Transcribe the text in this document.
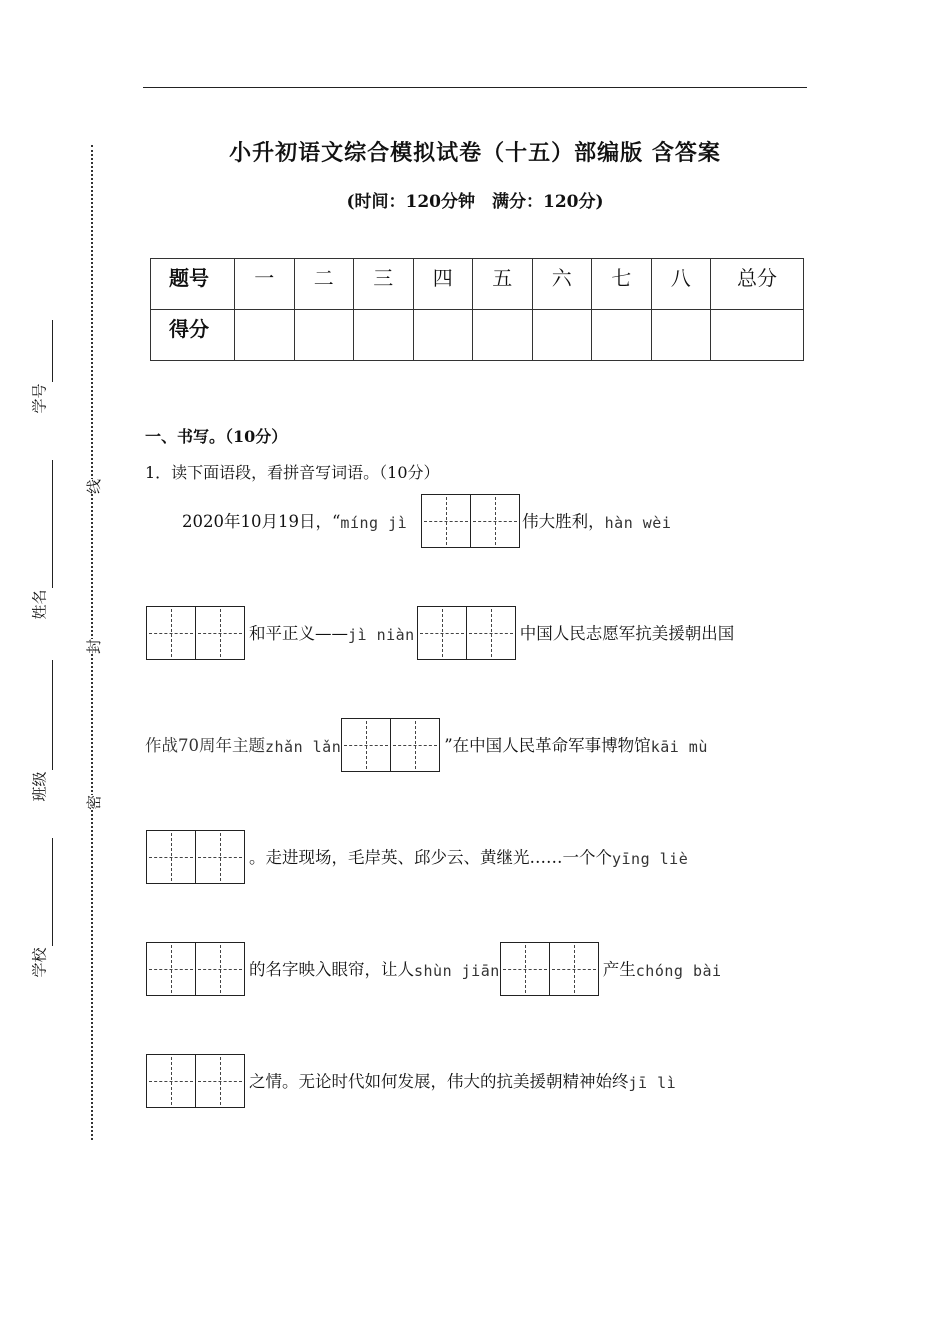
学号
姓名
班级
学校
线
封
密
小升初语文综合模拟试卷（十五）部编版 含答案
(时间：120分钟　满分：120分)
题号	一	二	三	四	五	六	七	八	总分
得分									
一、书写。（10分）
1．读下面语段，看拼音写词语。（10分）
2020年10月19日，“ míng jì	伟大胜利， hàn wèi
和平正义—— jì niàn	中国人民志愿军抗美援朝出国
作战70周年主题 zhǎn lǎn	”在中国人民革命军事博物馆 kāi mù
。走进现场，毛岸英、邱少云、黄继光……一个个 yīng liè
的名字映入眼帘，让人 shùn jiān	产生 chóng bài
之情。无论时代如何发展，伟大的抗美援朝精神始终 jī lì
